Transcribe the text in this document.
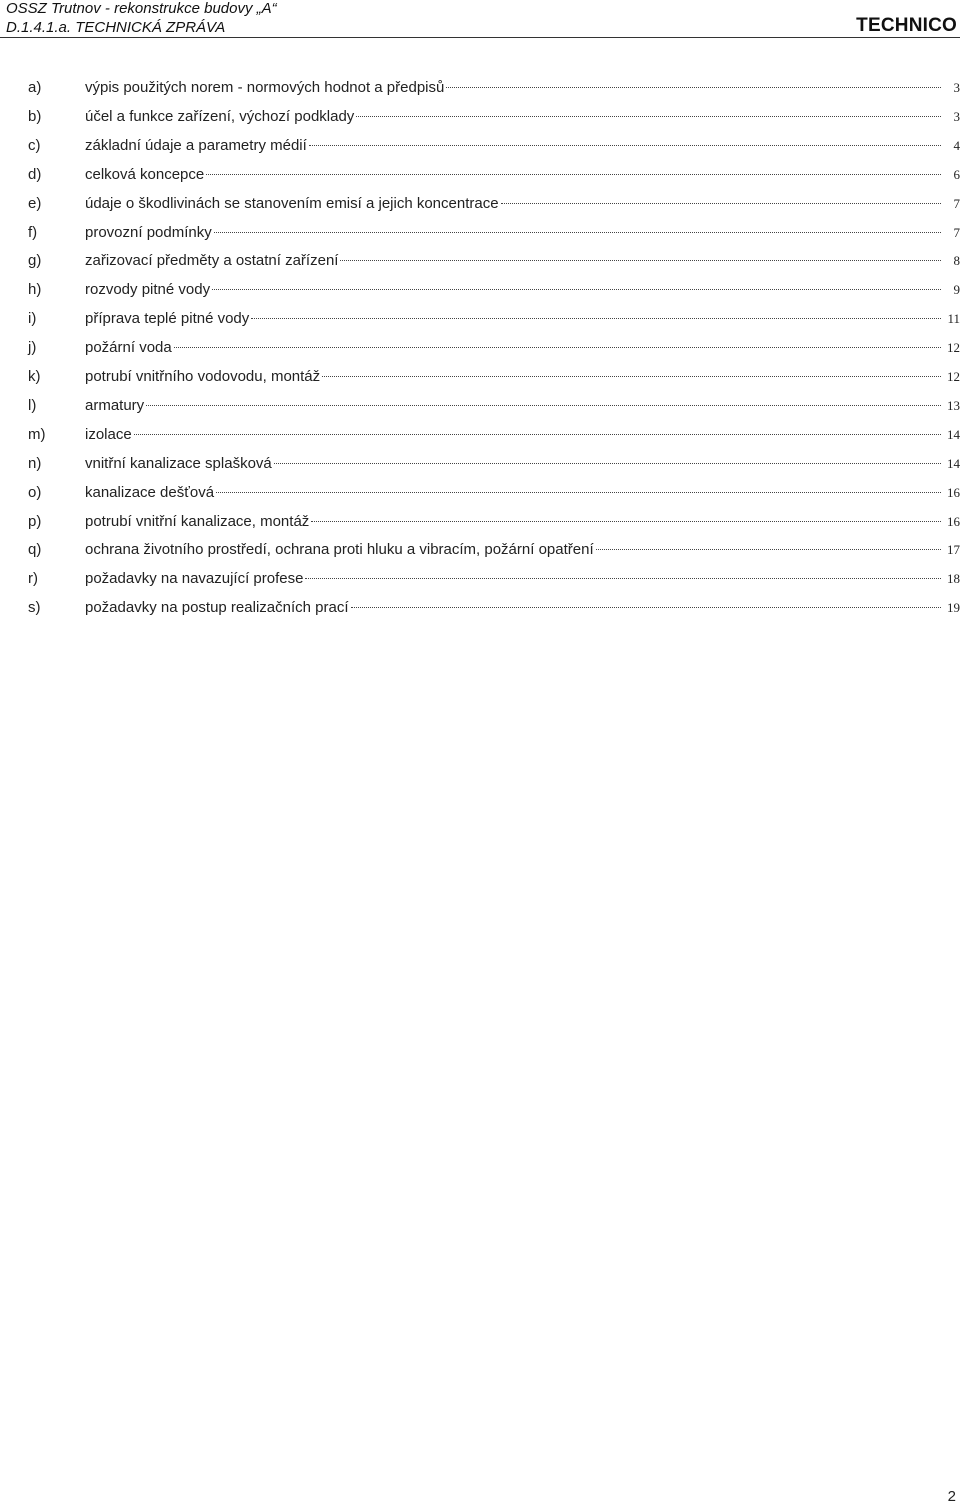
OSSZ Trutnov - rekonstrukce budovy „A“
D.1.4.1.a. TECHNICKÁ ZPRÁVA	TECHNICO
a)	výpis použitých norem - normových hodnot a předpisů	3
b)	účel a funkce zařízení, výchozí podklady	3
c)	základní údaje a parametry médií	4
d)	celková koncepce	6
e)	údaje o škodlivinách se stanovením emisí a jejich koncentrace	7
f)	provozní podmínky	7
g)	zařizovací předměty a ostatní zařízení	8
h)	rozvody pitné vody	9
i)	příprava teplé pitné vody	11
j)	požární voda	12
k)	potrubí vnitřního vodovodu, montáž	12
l)	armatury	13
m)	izolace	14
n)	vnitřní kanalizace splašková	14
o)	kanalizace dešťová	16
p)	potrubí vnitřní kanalizace, montáž	16
q)	ochrana životního prostředí, ochrana proti hluku a vibracím, požární opatření	17
r)	požadavky na navazující profese	18
s)	požadavky na postup realizačních prací	19
2
